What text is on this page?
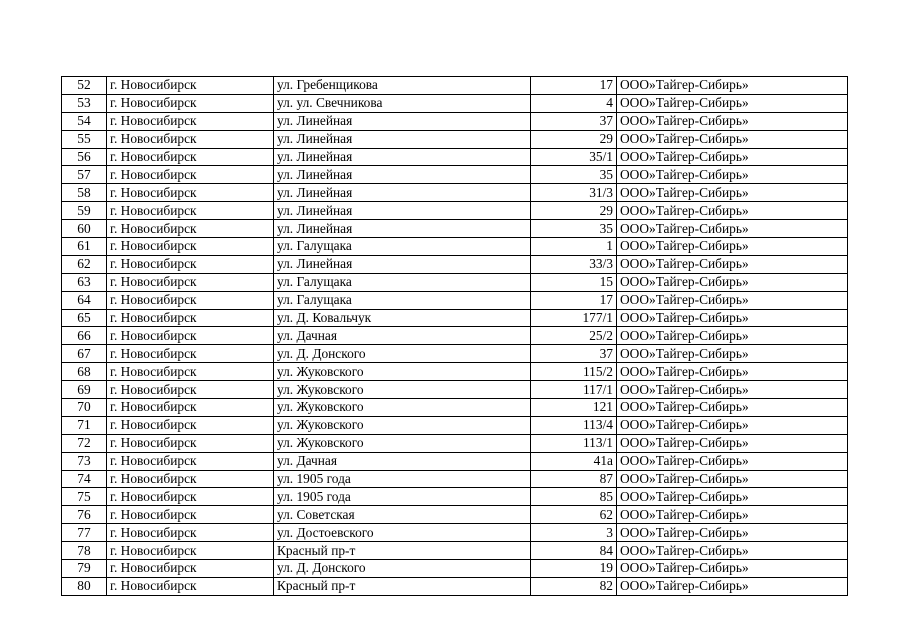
52	г. Новосибирск	ул. Гребенщикова	17	ООО»Тайгер-Сибирь»
53	г. Новосибирск	ул. ул. Свечникова	4	ООО»Тайгер-Сибирь»
54	г. Новосибирск	ул. Линейная	37	ООО»Тайгер-Сибирь»
55	г. Новосибирск	ул. Линейная	29	ООО»Тайгер-Сибирь»
56	г. Новосибирск	ул. Линейная	35/1	ООО»Тайгер-Сибирь»
57	г. Новосибирск	ул. Линейная	35	ООО»Тайгер-Сибирь»
58	г. Новосибирск	ул. Линейная	31/3	ООО»Тайгер-Сибирь»
59	г. Новосибирск	ул. Линейная	29	ООО»Тайгер-Сибирь»
60	г. Новосибирск	ул. Линейная	35	ООО»Тайгер-Сибирь»
61	г. Новосибирск	ул. Галущака	1	ООО»Тайгер-Сибирь»
62	г. Новосибирск	ул. Линейная	33/3	ООО»Тайгер-Сибирь»
63	г. Новосибирск	ул. Галущака	15	ООО»Тайгер-Сибирь»
64	г. Новосибирск	ул. Галущака	17	ООО»Тайгер-Сибирь»
65	г. Новосибирск	ул. Д. Ковальчук	177/1	ООО»Тайгер-Сибирь»
66	г. Новосибирск	ул. Дачная	25/2	ООО»Тайгер-Сибирь»
67	г. Новосибирск	ул. Д. Донского	37	ООО»Тайгер-Сибирь»
68	г. Новосибирск	ул. Жуковского	115/2	ООО»Тайгер-Сибирь»
69	г. Новосибирск	ул. Жуковского	117/1	ООО»Тайгер-Сибирь»
70	г. Новосибирск	ул. Жуковского	121	ООО»Тайгер-Сибирь»
71	г. Новосибирск	ул. Жуковского	113/4	ООО»Тайгер-Сибирь»
72	г. Новосибирск	ул. Жуковского	113/1	ООО»Тайгер-Сибирь»
73	г. Новосибирск	ул. Дачная	41а	ООО»Тайгер-Сибирь»
74	г. Новосибирск	ул. 1905 года	87	ООО»Тайгер-Сибирь»
75	г. Новосибирск	ул. 1905 года	85	ООО»Тайгер-Сибирь»
76	г. Новосибирск	ул. Советская	62	ООО»Тайгер-Сибирь»
77	г. Новосибирск	ул. Достоевского	3	ООО»Тайгер-Сибирь»
78	г. Новосибирск	Красный пр-т	84	ООО»Тайгер-Сибирь»
79	г. Новосибирск	ул. Д. Донского	19	ООО»Тайгер-Сибирь»
80	г. Новосибирск	Красный пр-т	82	ООО»Тайгер-Сибирь»
